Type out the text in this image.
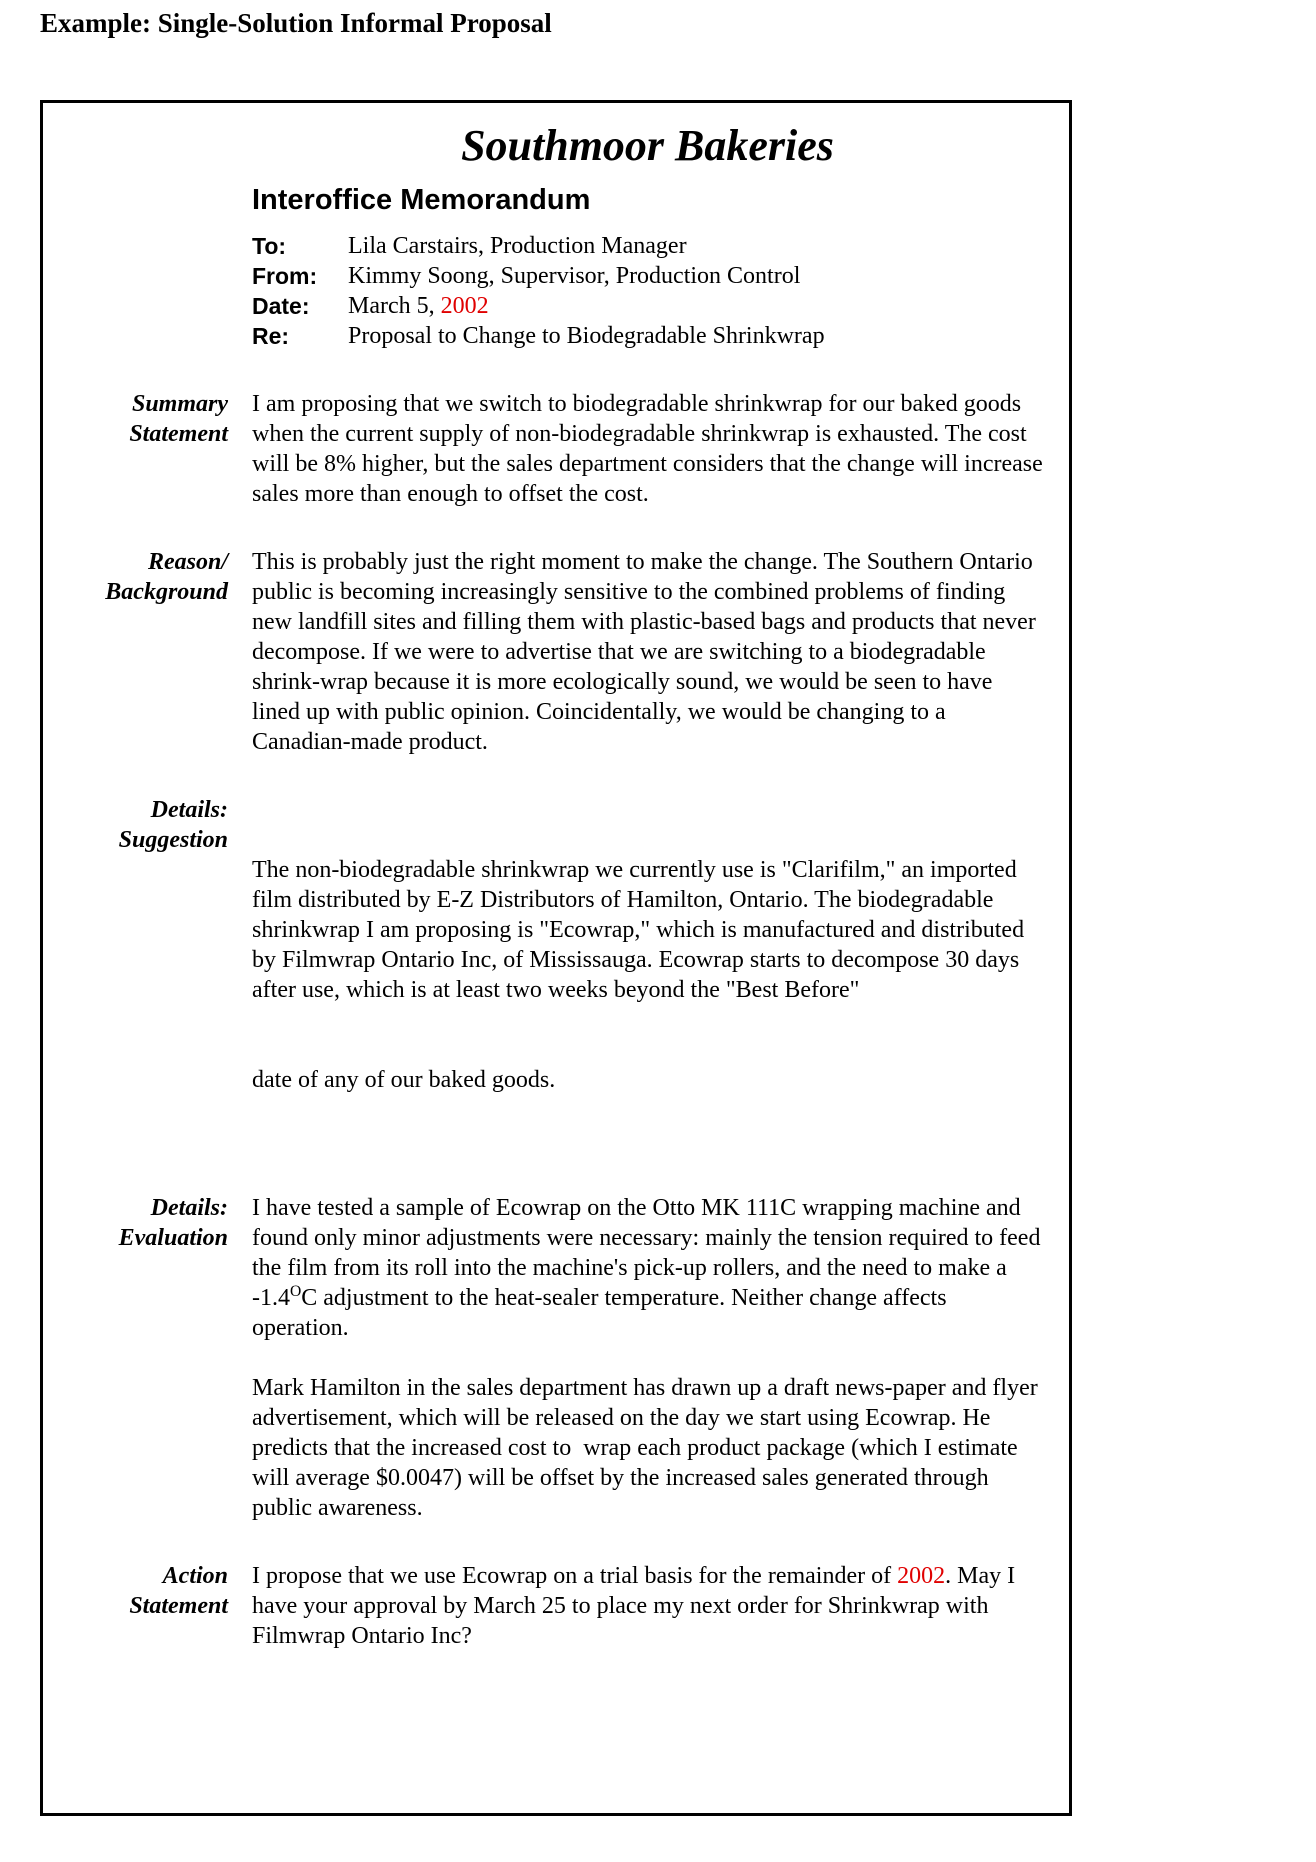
Example: Single-Solution Informal Proposal
Southmoor Bakeries
Interoffice Memorandum
To:	Lila Carstairs, Production Manager
From:	Kimmy Soong, Supervisor, Production Control
Date:	March 5, 2002
Re:	Proposal to Change to Biodegradable Shrinkwrap
Summary
Statement
I am proposing that we switch to biodegradable shrinkwrap for our baked goods when the current supply of non-biodegradable shrinkwrap is exhausted. The cost will be 8% higher, but the sales department considers that the change will increase sales more than enough to offset the cost.
Reason/
Background
This is probably just the right moment to make the change. The Southern Ontario public is becoming increasingly sensitive to the combined problems of finding new landfill sites and filling them with plastic-based bags and products that never decompose. If we were to advertise that we are switching to a biodegradable shrink-wrap because it is more ecologically sound, we would be seen to have lined up with public opinion. Coincidentally, we would be changing to a Canadian-made product.
Details:
Suggestion

The non-biodegradable shrinkwrap we currently use is "Clarifilm," an imported film distributed by E-Z Distributors of Hamilton, Ontario. The biodegradable shrinkwrap I am proposing is "Ecowrap," which is manufactured and distributed by Filmwrap Ontario Inc, of Mississauga. Ecowrap starts to decompose 30 days after use, which is at least two weeks beyond the "Best Before"

date of any of our baked goods.

Details:
Evaluation
I have tested a sample of Ecowrap on the Otto MK 111C wrapping machine and found only minor adjustments were necessary: mainly the tension required to feed the film from its roll into the machine's pick-up rollers, and the need to make a $-1.4^OC$ adjustment to the heat-sealer temperature. Neither change affects operation.
Mark Hamilton in the sales department has drawn up a draft news-paper and flyer advertisement, which will be released on the day we start using Ecowrap. He predicts that the increased cost to  wrap each product package (which I estimate will average $0.0047) will be offset by the increased sales generated through public awareness.
Action
Statement
I propose that we use Ecowrap on a trial basis for the remainder of 2002. May I have your approval by March 25 to place my next order for Shrinkwrap with Filmwrap Ontario Inc?
